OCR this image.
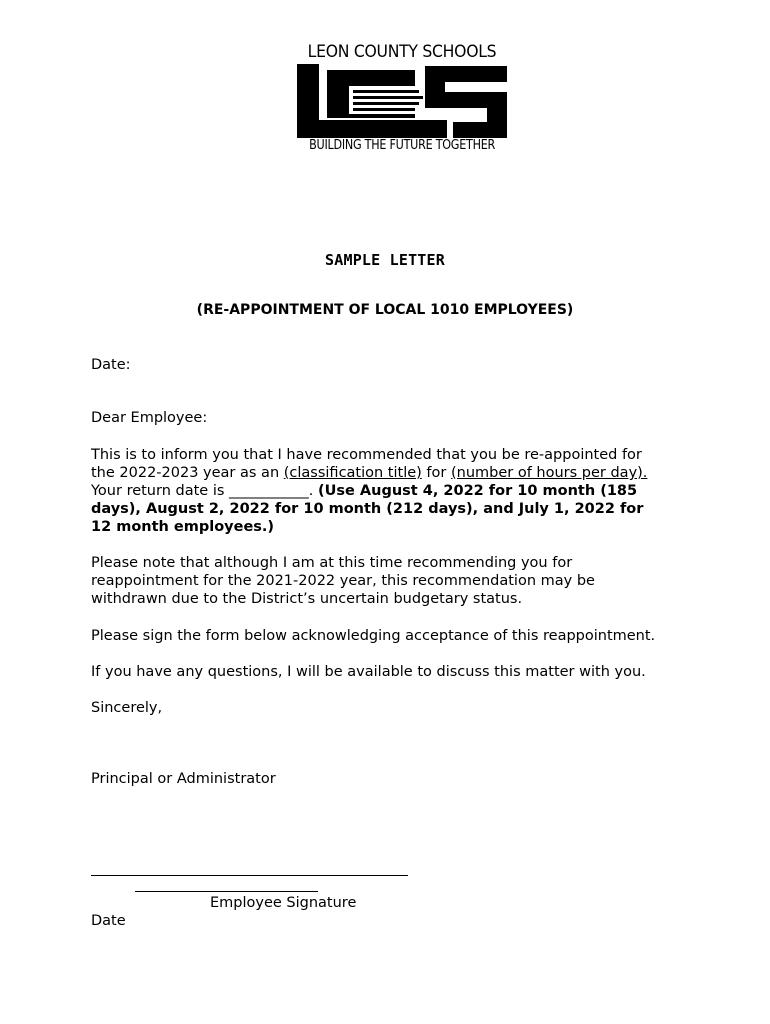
LEON COUNTY SCHOOLS
BUILDING THE FUTURE TOGETHER
SAMPLE LETTER
(RE-APPOINTMENT OF LOCAL 1010 EMPLOYEES)
Date:
Dear Employee:
This is to inform you that I have recommended that you be re-appointed for
the 2022-2023 year as an (classification title) for (number of hours per day).
Your return date is ___________. (Use August 4, 2022 for 10 month (185
days), August 2, 2022 for 10 month (212 days), and July 1, 2022 for
12 month employees.)
Please note that although I am at this time recommending you for
reappointment for the 2021-2022 year, this recommendation may be
withdrawn due to the District’s uncertain budgetary status.
Please sign the form below acknowledging acceptance of this reappointment.
If you have any questions, I will be available to discuss this matter with you.
Sincerely,
Principal or Administrator
Employee Signature
Date
